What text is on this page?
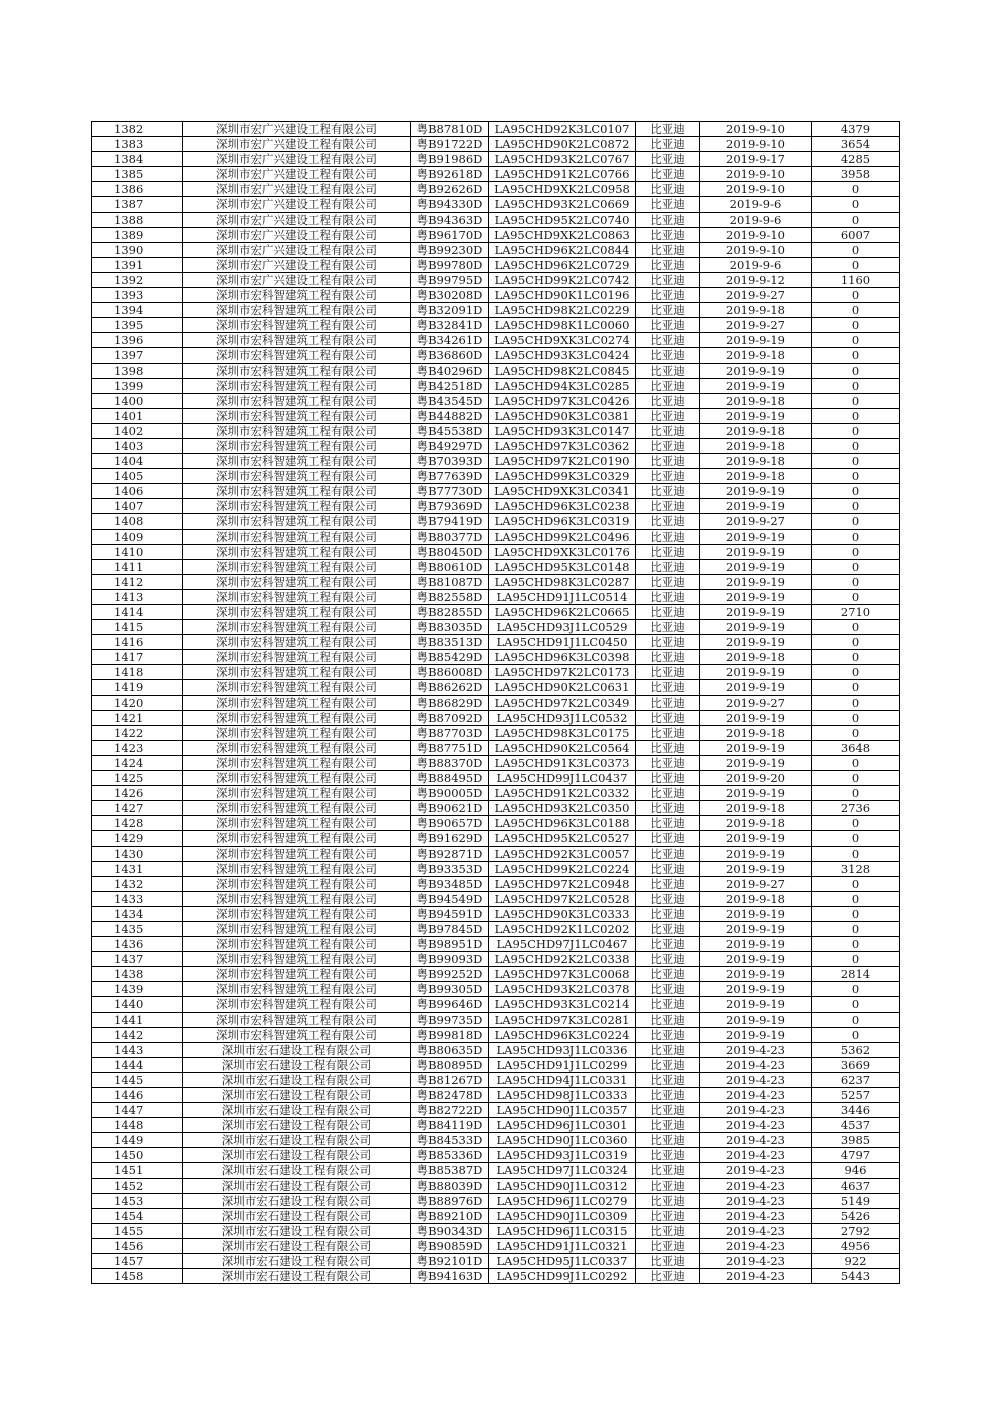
1382	深圳市宏广兴建设工程有限公司	粤B87810D	LA95CHD92K3LC0107	比亚迪	2019-9-10	4379
1383	深圳市宏广兴建设工程有限公司	粤B91722D	LA95CHD90K2LC0872	比亚迪	2019-9-10	3654
1384	深圳市宏广兴建设工程有限公司	粤B91986D	LA95CHD93K2LC0767	比亚迪	2019-9-17	4285
1385	深圳市宏广兴建设工程有限公司	粤B92618D	LA95CHD91K2LC0766	比亚迪	2019-9-10	3958
1386	深圳市宏广兴建设工程有限公司	粤B92626D	LA95CHD9XK2LC0958	比亚迪	2019-9-10	0
1387	深圳市宏广兴建设工程有限公司	粤B94330D	LA95CHD93K2LC0669	比亚迪	2019-9-6	0
1388	深圳市宏广兴建设工程有限公司	粤B94363D	LA95CHD95K2LC0740	比亚迪	2019-9-6	0
1389	深圳市宏广兴建设工程有限公司	粤B96170D	LA95CHD9XK2LC0863	比亚迪	2019-9-10	6007
1390	深圳市宏广兴建设工程有限公司	粤B99230D	LA95CHD96K2LC0844	比亚迪	2019-9-10	0
1391	深圳市宏广兴建设工程有限公司	粤B99780D	LA95CHD96K2LC0729	比亚迪	2019-9-6	0
1392	深圳市宏广兴建设工程有限公司	粤B99795D	LA95CHD99K2LC0742	比亚迪	2019-9-12	1160
1393	深圳市宏科智建筑工程有限公司	粤B30208D	LA95CHD90K1LC0196	比亚迪	2019-9-27	0
1394	深圳市宏科智建筑工程有限公司	粤B32091D	LA95CHD98K2LC0229	比亚迪	2019-9-18	0
1395	深圳市宏科智建筑工程有限公司	粤B32841D	LA95CHD98K1LC0060	比亚迪	2019-9-27	0
1396	深圳市宏科智建筑工程有限公司	粤B34261D	LA95CHD9XK3LC0274	比亚迪	2019-9-19	0
1397	深圳市宏科智建筑工程有限公司	粤B36860D	LA95CHD93K3LC0424	比亚迪	2019-9-18	0
1398	深圳市宏科智建筑工程有限公司	粤B40296D	LA95CHD98K2LC0845	比亚迪	2019-9-19	0
1399	深圳市宏科智建筑工程有限公司	粤B42518D	LA95CHD94K3LC0285	比亚迪	2019-9-19	0
1400	深圳市宏科智建筑工程有限公司	粤B43545D	LA95CHD97K3LC0426	比亚迪	2019-9-18	0
1401	深圳市宏科智建筑工程有限公司	粤B44882D	LA95CHD90K3LC0381	比亚迪	2019-9-19	0
1402	深圳市宏科智建筑工程有限公司	粤B45538D	LA95CHD93K3LC0147	比亚迪	2019-9-18	0
1403	深圳市宏科智建筑工程有限公司	粤B49297D	LA95CHD97K3LC0362	比亚迪	2019-9-18	0
1404	深圳市宏科智建筑工程有限公司	粤B70393D	LA95CHD97K2LC0190	比亚迪	2019-9-18	0
1405	深圳市宏科智建筑工程有限公司	粤B77639D	LA95CHD99K3LC0329	比亚迪	2019-9-18	0
1406	深圳市宏科智建筑工程有限公司	粤B77730D	LA95CHD9XK3LC0341	比亚迪	2019-9-19	0
1407	深圳市宏科智建筑工程有限公司	粤B79369D	LA95CHD96K3LC0238	比亚迪	2019-9-19	0
1408	深圳市宏科智建筑工程有限公司	粤B79419D	LA95CHD96K3LC0319	比亚迪	2019-9-27	0
1409	深圳市宏科智建筑工程有限公司	粤B80377D	LA95CHD99K2LC0496	比亚迪	2019-9-19	0
1410	深圳市宏科智建筑工程有限公司	粤B80450D	LA95CHD9XK3LC0176	比亚迪	2019-9-19	0
1411	深圳市宏科智建筑工程有限公司	粤B80610D	LA95CHD95K3LC0148	比亚迪	2019-9-19	0
1412	深圳市宏科智建筑工程有限公司	粤B81087D	LA95CHD98K3LC0287	比亚迪	2019-9-19	0
1413	深圳市宏科智建筑工程有限公司	粤B82558D	LA95CHD91J1LC0514	比亚迪	2019-9-19	0
1414	深圳市宏科智建筑工程有限公司	粤B82855D	LA95CHD96K2LC0665	比亚迪	2019-9-19	2710
1415	深圳市宏科智建筑工程有限公司	粤B83035D	LA95CHD93J1LC0529	比亚迪	2019-9-19	0
1416	深圳市宏科智建筑工程有限公司	粤B83513D	LA95CHD91J1LC0450	比亚迪	2019-9-19	0
1417	深圳市宏科智建筑工程有限公司	粤B85429D	LA95CHD96K3LC0398	比亚迪	2019-9-18	0
1418	深圳市宏科智建筑工程有限公司	粤B86008D	LA95CHD97K2LC0173	比亚迪	2019-9-19	0
1419	深圳市宏科智建筑工程有限公司	粤B86262D	LA95CHD90K2LC0631	比亚迪	2019-9-19	0
1420	深圳市宏科智建筑工程有限公司	粤B86829D	LA95CHD97K2LC0349	比亚迪	2019-9-27	0
1421	深圳市宏科智建筑工程有限公司	粤B87092D	LA95CHD93J1LC0532	比亚迪	2019-9-19	0
1422	深圳市宏科智建筑工程有限公司	粤B87703D	LA95CHD98K3LC0175	比亚迪	2019-9-18	0
1423	深圳市宏科智建筑工程有限公司	粤B87751D	LA95CHD90K2LC0564	比亚迪	2019-9-19	3648
1424	深圳市宏科智建筑工程有限公司	粤B88370D	LA95CHD91K3LC0373	比亚迪	2019-9-19	0
1425	深圳市宏科智建筑工程有限公司	粤B88495D	LA95CHD99J1LC0437	比亚迪	2019-9-20	0
1426	深圳市宏科智建筑工程有限公司	粤B90005D	LA95CHD91K2LC0332	比亚迪	2019-9-19	0
1427	深圳市宏科智建筑工程有限公司	粤B90621D	LA95CHD93K2LC0350	比亚迪	2019-9-18	2736
1428	深圳市宏科智建筑工程有限公司	粤B90657D	LA95CHD96K3LC0188	比亚迪	2019-9-18	0
1429	深圳市宏科智建筑工程有限公司	粤B91629D	LA95CHD95K2LC0527	比亚迪	2019-9-19	0
1430	深圳市宏科智建筑工程有限公司	粤B92871D	LA95CHD92K3LC0057	比亚迪	2019-9-19	0
1431	深圳市宏科智建筑工程有限公司	粤B93353D	LA95CHD99K2LC0224	比亚迪	2019-9-19	3128
1432	深圳市宏科智建筑工程有限公司	粤B93485D	LA95CHD97K2LC0948	比亚迪	2019-9-27	0
1433	深圳市宏科智建筑工程有限公司	粤B94549D	LA95CHD97K2LC0528	比亚迪	2019-9-18	0
1434	深圳市宏科智建筑工程有限公司	粤B94591D	LA95CHD90K3LC0333	比亚迪	2019-9-19	0
1435	深圳市宏科智建筑工程有限公司	粤B97845D	LA95CHD92K1LC0202	比亚迪	2019-9-19	0
1436	深圳市宏科智建筑工程有限公司	粤B98951D	LA95CHD97J1LC0467	比亚迪	2019-9-19	0
1437	深圳市宏科智建筑工程有限公司	粤B99093D	LA95CHD92K2LC0338	比亚迪	2019-9-19	0
1438	深圳市宏科智建筑工程有限公司	粤B99252D	LA95CHD97K3LC0068	比亚迪	2019-9-19	2814
1439	深圳市宏科智建筑工程有限公司	粤B99305D	LA95CHD93K2LC0378	比亚迪	2019-9-19	0
1440	深圳市宏科智建筑工程有限公司	粤B99646D	LA95CHD93K3LC0214	比亚迪	2019-9-19	0
1441	深圳市宏科智建筑工程有限公司	粤B99735D	LA95CHD97K3LC0281	比亚迪	2019-9-19	0
1442	深圳市宏科智建筑工程有限公司	粤B99818D	LA95CHD96K3LC0224	比亚迪	2019-9-19	0
1443	深圳市宏石建设工程有限公司	粤B80635D	LA95CHD93J1LC0336	比亚迪	2019-4-23	5362
1444	深圳市宏石建设工程有限公司	粤B80895D	LA95CHD91J1LC0299	比亚迪	2019-4-23	3669
1445	深圳市宏石建设工程有限公司	粤B81267D	LA95CHD94J1LC0331	比亚迪	2019-4-23	6237
1446	深圳市宏石建设工程有限公司	粤B82478D	LA95CHD98J1LC0333	比亚迪	2019-4-23	5257
1447	深圳市宏石建设工程有限公司	粤B82722D	LA95CHD90J1LC0357	比亚迪	2019-4-23	3446
1448	深圳市宏石建设工程有限公司	粤B84119D	LA95CHD96J1LC0301	比亚迪	2019-4-23	4537
1449	深圳市宏石建设工程有限公司	粤B84533D	LA95CHD90J1LC0360	比亚迪	2019-4-23	3985
1450	深圳市宏石建设工程有限公司	粤B85336D	LA95CHD93J1LC0319	比亚迪	2019-4-23	4797
1451	深圳市宏石建设工程有限公司	粤B85387D	LA95CHD97J1LC0324	比亚迪	2019-4-23	946
1452	深圳市宏石建设工程有限公司	粤B88039D	LA95CHD90J1LC0312	比亚迪	2019-4-23	4637
1453	深圳市宏石建设工程有限公司	粤B88976D	LA95CHD96J1LC0279	比亚迪	2019-4-23	5149
1454	深圳市宏石建设工程有限公司	粤B89210D	LA95CHD90J1LC0309	比亚迪	2019-4-23	5426
1455	深圳市宏石建设工程有限公司	粤B90343D	LA95CHD96J1LC0315	比亚迪	2019-4-23	2792
1456	深圳市宏石建设工程有限公司	粤B90859D	LA95CHD91J1LC0321	比亚迪	2019-4-23	4956
1457	深圳市宏石建设工程有限公司	粤B92101D	LA95CHD95J1LC0337	比亚迪	2019-4-23	922
1458	深圳市宏石建设工程有限公司	粤B94163D	LA95CHD99J1LC0292	比亚迪	2019-4-23	5443
